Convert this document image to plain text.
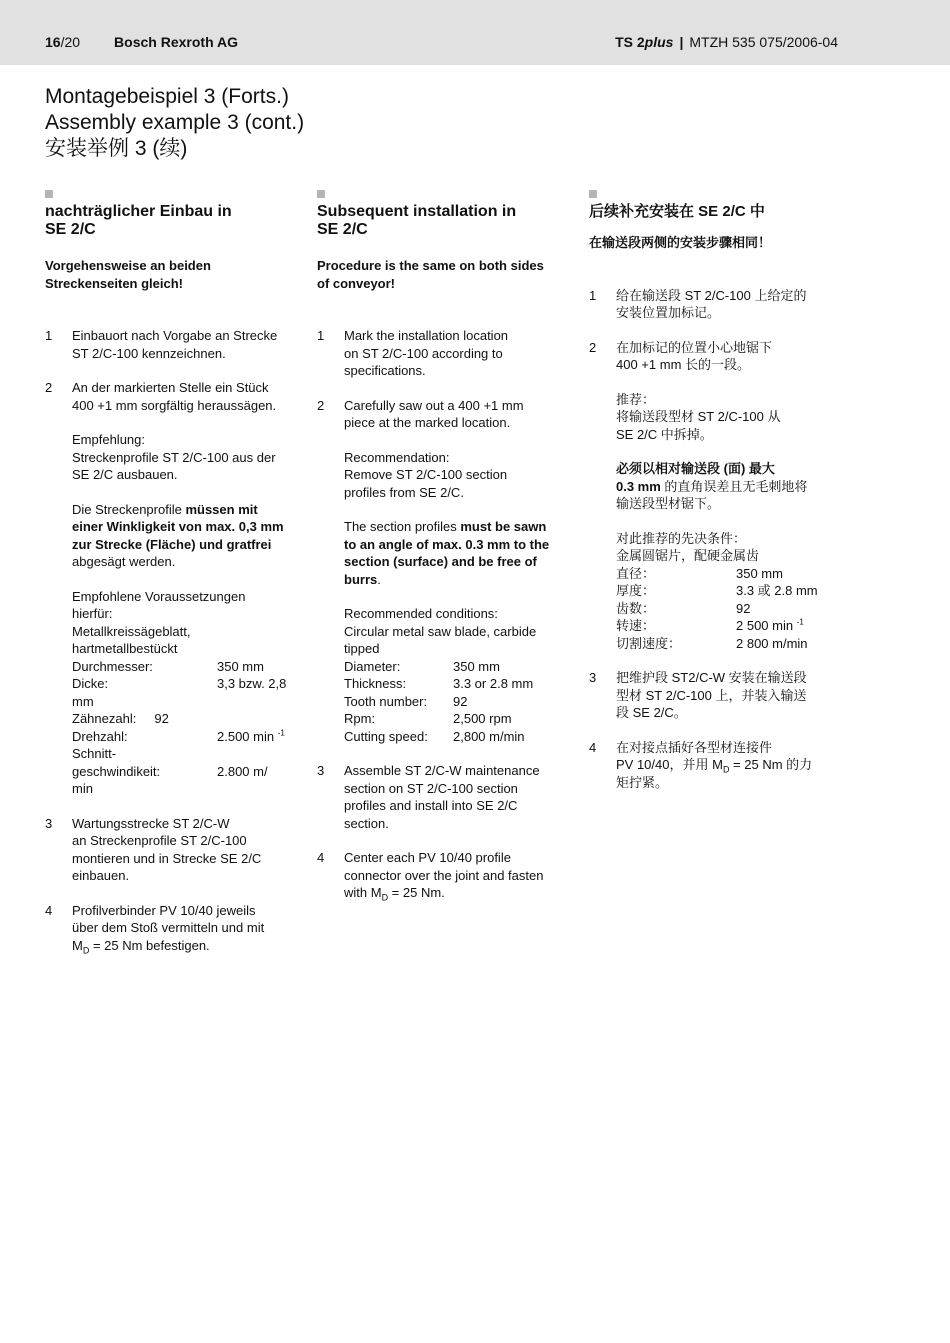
16/20 Bosch Rexroth AG	TS 2plus | MTZH 535 075/2006-04
Montagebeispiel 3 (Forts.)
Assembly example 3 (cont.)
安装举例 3 (续)
nachträglicher Einbau in
SE 2/C
Vorgehensweise an beiden
Streckenseiten gleich!
1 Einbauort nach Vorgabe an Strecke
ST 2/C-100 kennzeichnen.
2 An der markierten Stelle ein Stück
400 +1 mm sorgfältig heraussägen.
Empfehlung:
Streckenprofile ST 2/C-100 aus der
SE 2/C ausbauen.
Die Streckenprofile müssen mit
einer Winkligkeit von max. 0,3 mm
zur Strecke (Fläche) und gratfrei
abgesägt werden.
Empfohlene Voraussetzungen
hierfür:
Metallkreissägeblatt,
hartmetallbestückt
Durchmesser:	350 mm
Dicke:	3,3 bzw. 2,8
mm
Zähnezahl: 92
Drehzahl:	2.500 min $^{-1}$
Schnitt-
geschwindikeit:	2.800 m/
min
3 Wartungsstrecke ST 2/C-W
an Streckenprofile ST 2/C-100
montieren und in Strecke SE 2/C
einbauen.
4 Profilverbinder PV 10/40 jeweils
über dem Stoß vermitteln und mit
$M_D = 25$ Nm befestigen.
Subsequent installation in
SE 2/C
Procedure is the same on both sides
of conveyor!
1 Mark the installation location
on ST 2/C-100 according to
specifications.
2 Carefully saw out a 400 +1 mm
piece at the marked location.
Recommendation:
Remove ST 2/C-100 section
profiles from SE 2/C.
The section profiles must be sawn
to an angle of max. 0.3 mm to the
section (surface) and be free of
burrs.
Recommended conditions:
Circular metal saw blade, carbide
tipped
Diameter:	350 mm
Thickness:	3.3 or 2.8 mm
Tooth number:	92
Rpm:	2,500 rpm
Cutting speed:	2,800 m/min
3 Assemble ST 2/C-W maintenance
section on ST 2/C-100 section
profiles and install into SE 2/C
section.
4 Center each PV 10/40 profile
connector over the joint and fasten
with $M_D = 25$ Nm.
后续补充安装在 SE 2/C 中
在输送段两侧的安装步骤相同！
1 给在输送段 ST 2/C-100 上给定的
安装位置加标记。
2 在加标记的位置小心地锯下
400 +1 mm 长的一段。
推荐：
将输送段型材 ST 2/C-100 从
SE 2/C 中拆掉。
必须以相对输送段 (面) 最大
0.3 mm 的直角误差且无毛刺地将
输送段型材锯下。
对此推荐的先决条件：
金属圆锯片，配硬金属齿
直径：	350 mm
厚度：	3.3 或 2.8 mm
齿数：	92
转速：	2 500 min $^{-1}$
切割速度：	2 800 m/min
3 把维护段 ST2/C-W 安装在输送段
型材 ST 2/C-100 上，并装入输送
段 SE 2/C。
4 在对接点插好各型材连接件
PV 10/40，并用 $M_D = 25$ Nm 的力
矩拧紧。
